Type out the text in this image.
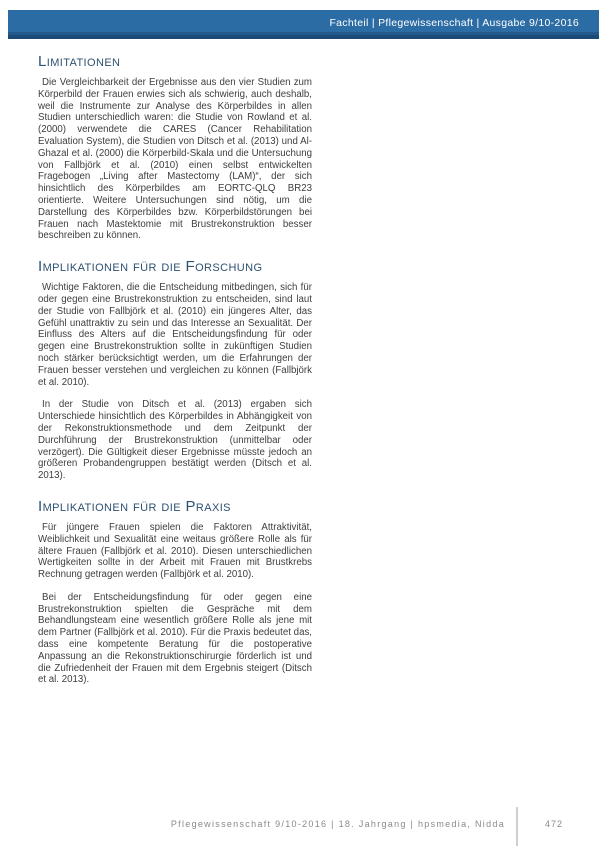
Fachteil | Pflegewissenschaft | Ausgabe 9/10-2016
Limitationen

Die Vergleichbarkeit der Ergebnisse aus den vier Studien zum Körperbild der Frauen erwies sich als schwierig, auch deshalb, weil die Instrumente zur Analyse des Körperbildes in allen Studien unterschiedlich waren: die Studie von Rowland et al. (2000) verwendete die CARES (Cancer Rehabilitation Evaluation System), die Studien von Ditsch et al. (2013) und Al-Ghazal et al. (2000) die Körperbild-Skala und die Untersuchung von Fallbjörk et al. (2010) einen selbst entwickelten Fragebogen „Living after Mastectomy (LAM)“, der sich hinsichtlich des Körperbildes am EORTC-QLQ BR23 orientierte. Weitere Untersuchungen sind nötig, um die Darstellung des Körperbildes bzw. Körperbildstörungen bei Frauen nach Mastektomie mit Brustrekonstruktion besser beschreiben zu können.

Implikationen für die Forschung

Wichtige Faktoren, die die Entscheidung mitbedingen, sich für oder gegen eine Brustrekonstruktion zu entscheiden, sind laut der Studie von Fallbjörk et al. (2010) ein jüngeres Alter, das Gefühl unattraktiv zu sein und das Interesse an Sexualität. Der Einfluss des Alters auf die Entscheidungsfindung für oder gegen eine Brustrekonstruktion sollte in zukünftigen Studien noch stärker berücksichtigt werden, um die Erfahrungen der Frauen besser verstehen und vergleichen zu können (Fallbjörk et al. 2010).

In der Studie von Ditsch et al. (2013) ergaben sich Unterschiede hinsichtlich des Körperbildes in Abhängigkeit von der Rekonstruktionsmethode und dem Zeitpunkt der Durchführung der Brustrekonstruktion (unmittelbar oder verzögert). Die Gültigkeit dieser Ergebnisse müsste jedoch an größeren Probandengruppen bestätigt werden (Ditsch et al. 2013).

Implikationen für die Praxis

Für jüngere Frauen spielen die Faktoren Attraktivität, Weiblichkeit und Sexualität eine weitaus größere Rolle als für ältere Frauen (Fallbjörk et al. 2010). Diesen unterschiedlichen Wertigkeiten sollte in der Arbeit mit Frauen mit Brustkrebs Rechnung getragen werden (Fallbjörk et al. 2010).

Bei der Entscheidungsfindung für oder gegen eine Brustrekonstruktion spielten die Gespräche mit dem Behandlungsteam eine wesentlich größere Rolle als jene mit dem Partner (Fallbjörk et al. 2010). Für die Praxis bedeutet das, dass eine kompetente Beratung für die postoperative Anpassung an die Rekonstruktionschirurgie förderlich ist und die Zufriedenheit der Frauen mit dem Ergebnis steigert (Ditsch et al. 2013).

Pflegewissenschaft 9/10-2016 | 18. Jahrgang | hpsmedia, Nidda	472
